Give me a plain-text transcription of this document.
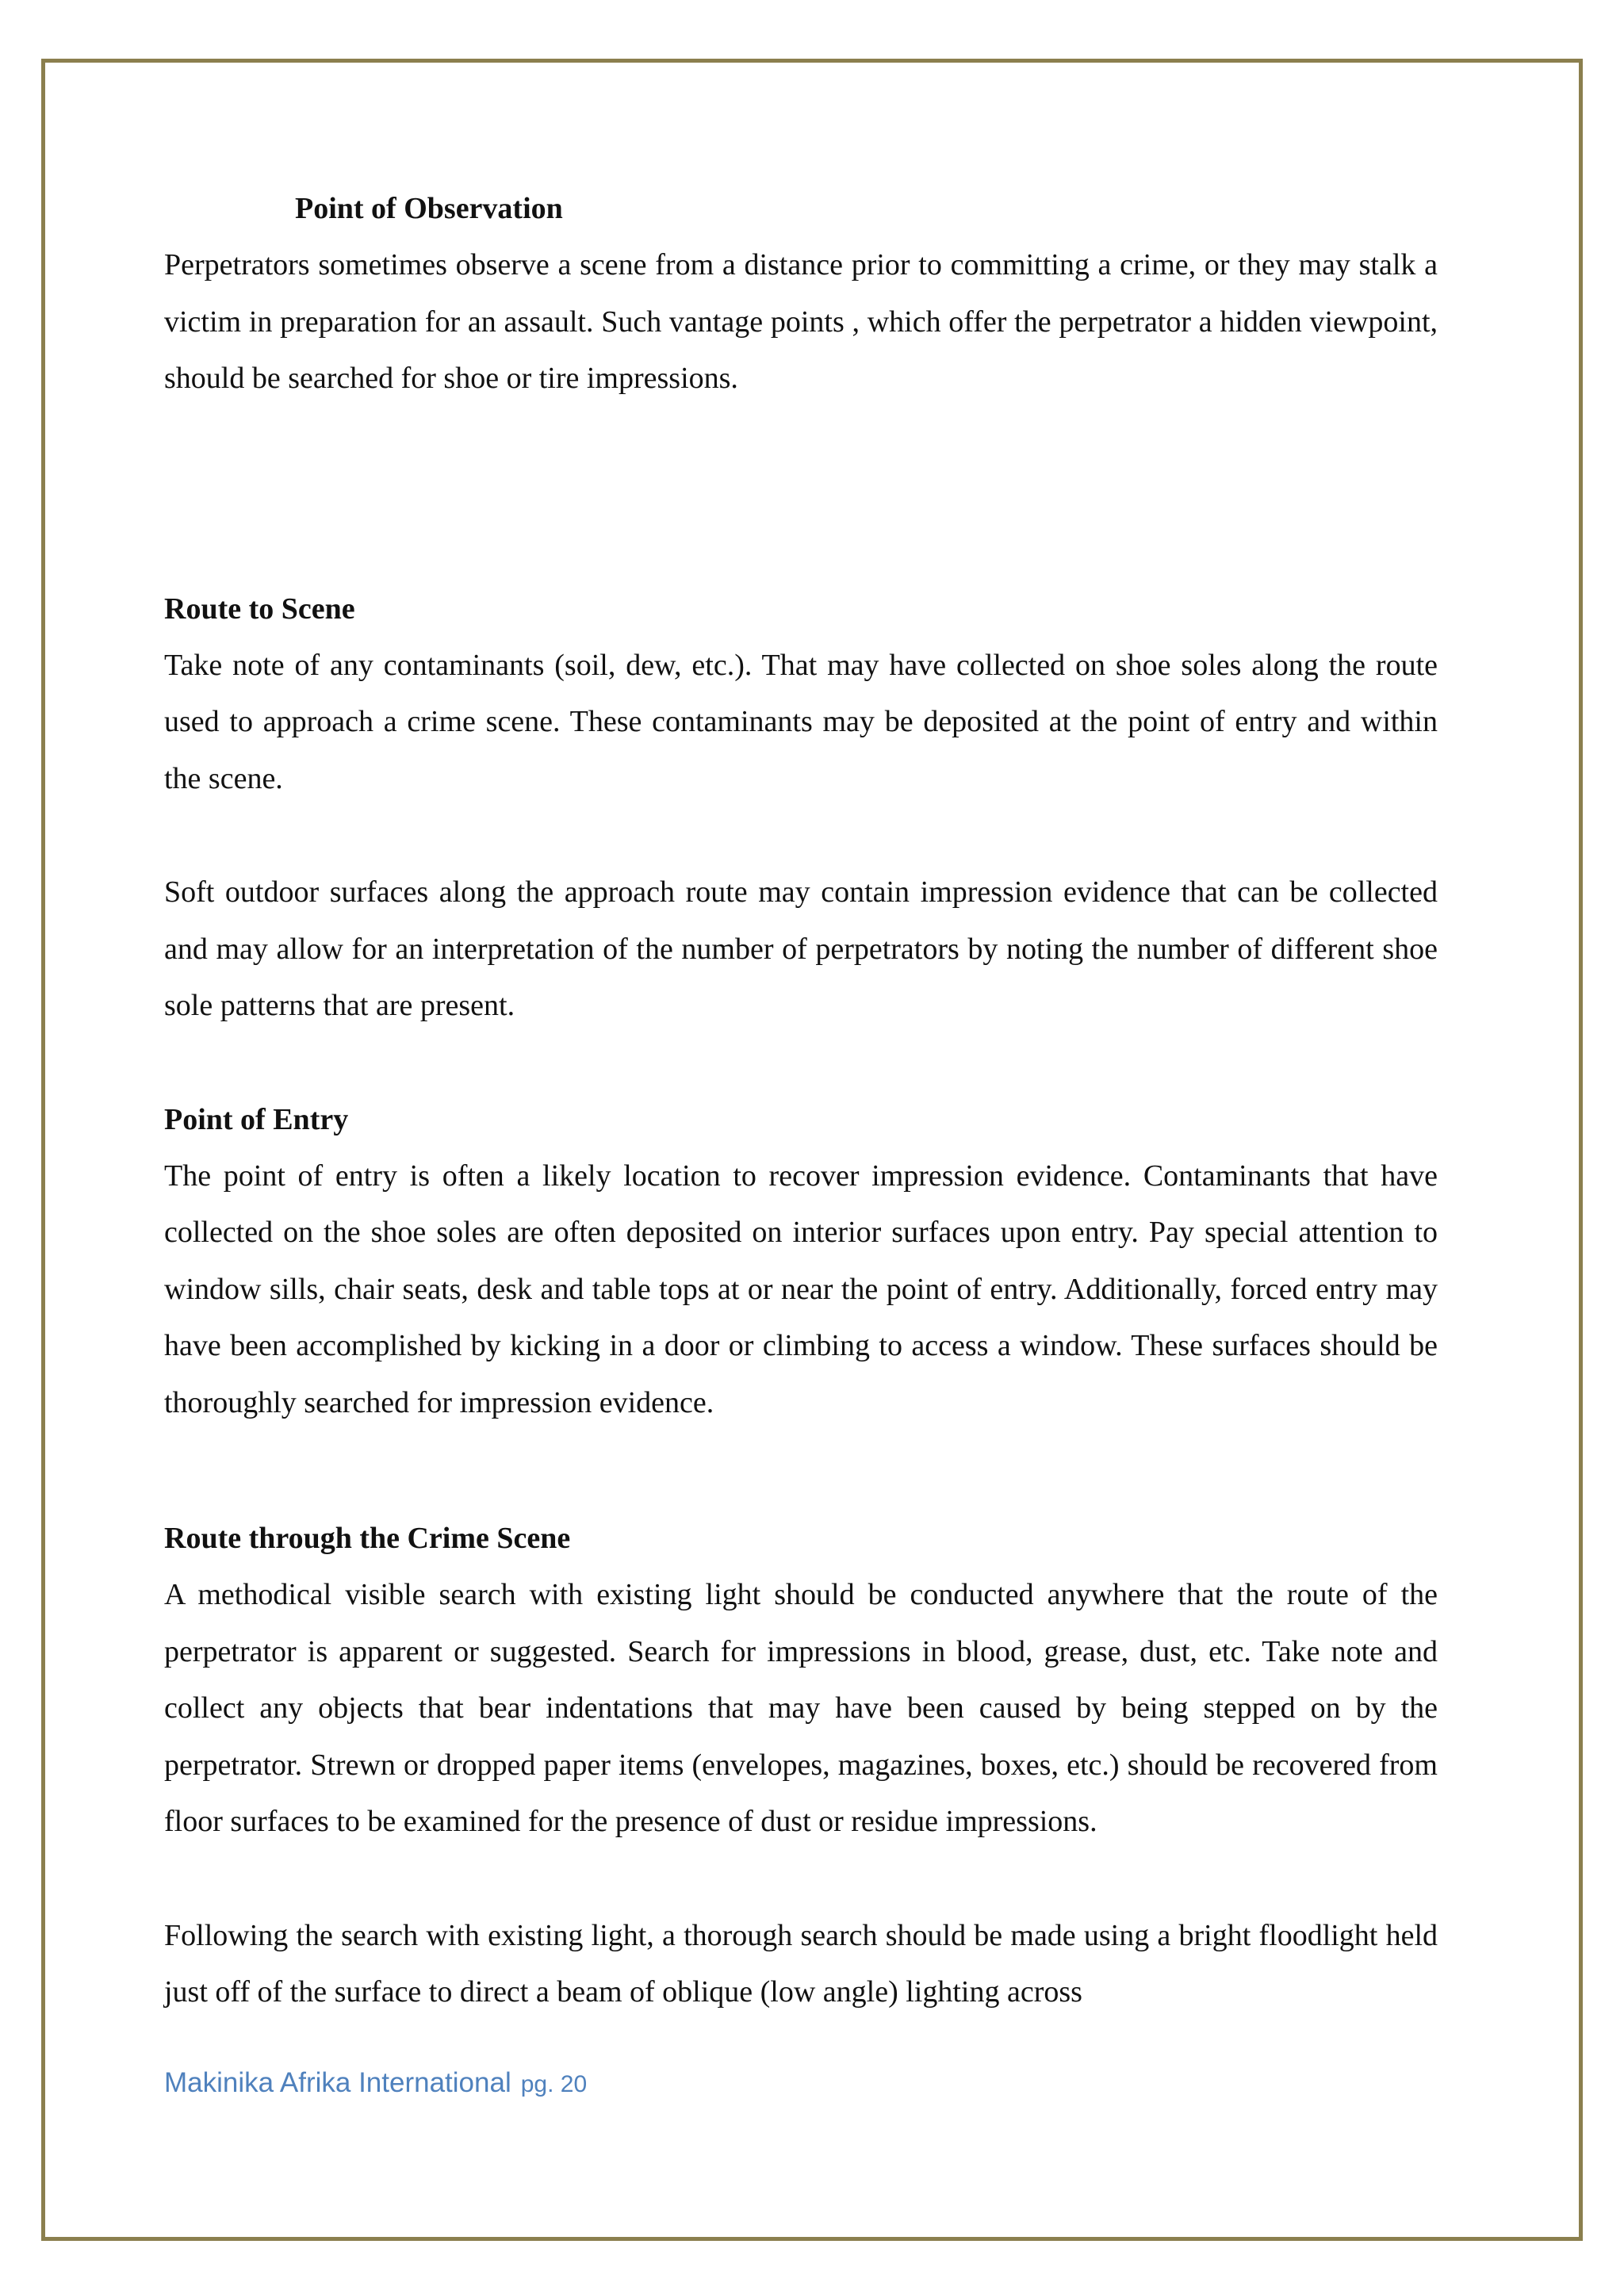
Point of Observation

Perpetrators sometimes observe a scene from a distance prior to committing a crime, or they may stalk a victim in preparation for an assault. Such vantage points , which offer the perpetrator a hidden viewpoint, should be searched for shoe or tire impressions.

Route to Scene

Take note of any contaminants (soil, dew, etc.). That may have collected on shoe soles along the route used to approach a crime scene. These contaminants may be deposited at the point of entry and within the scene.

Soft outdoor surfaces along the approach route may contain impression evidence that can be collected and may allow for an interpretation of the number of perpetrators by noting the number of different shoe sole patterns that are present.

Point of Entry

The point of entry is often a likely location to recover impression evidence. Contaminants that have collected on the shoe soles are often deposited on interior surfaces upon entry. Pay special attention to window sills, chair seats, desk and table tops at or near the point of entry. Additionally, forced entry may have been accomplished by kicking in a door or climbing to access a window. These surfaces should be thoroughly searched for impression evidence.

Route through the Crime Scene

A methodical visible search with existing light should be conducted anywhere that the route of the perpetrator is apparent or suggested. Search for impressions in blood, grease, dust, etc. Take note and collect any objects that bear indentations that may have been caused by being stepped on by the perpetrator. Strewn or dropped paper items (envelopes, magazines, boxes, etc.) should be recovered from floor surfaces to be examined for the presence of dust or residue impressions.

Following the search with existing light, a thorough search should be made using a bright floodlight held just off of the surface to direct a beam of oblique (low angle) lighting across

Makinika Afrika International pg. 20
